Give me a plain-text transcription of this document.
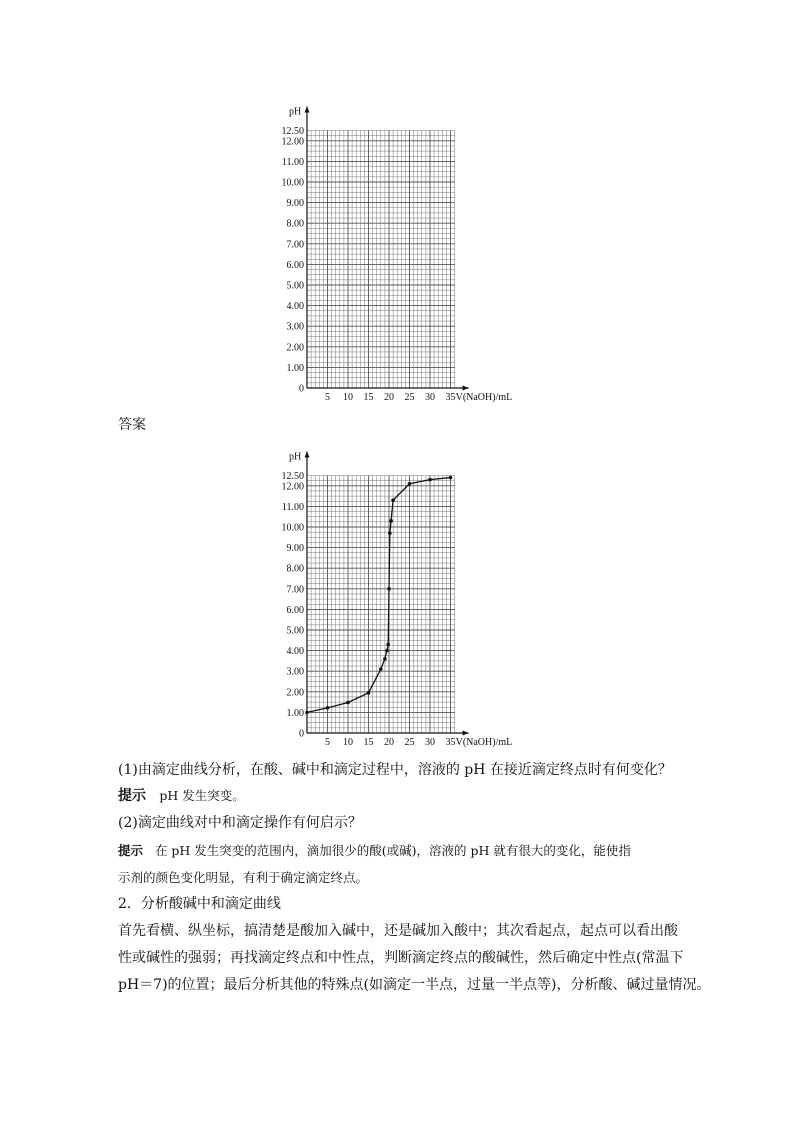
0
1.00
2.00
3.00
4.00
5.00
6.00
7.00
8.00
9.00
10.00
11.00
12.00
12.50
5 10 15 20 25 30 35
pH
V(NaOH)/mL
0
1.00
2.00
3.00
4.00
5.00
6.00
7.00
8.00
9.00
10.00
11.00
12.00
12.50
5 10 15 20 25 30 35
pH
V(NaOH)/mL
答案
(1)由滴定曲线分析，在酸、碱中和滴定过程中，溶液的 pH 在接近滴定终点时有何变化？
提示 pH 发生突变。
(2)滴定曲线对中和滴定操作有何启示？
提示 在 pH 发生突变的范围内，滴加很少的酸(或碱)，溶液的 pH 就有很大的变化，能使指
示剂的颜色变化明显，有利于确定滴定终点。
2．分析酸碱中和滴定曲线
首先看横、纵坐标，搞清楚是酸加入碱中，还是碱加入酸中；其次看起点，起点可以看出酸
性或碱性的强弱；再找滴定终点和中性点，判断滴定终点的酸碱性，然后确定中性点(常温下
pH＝7)的位置；最后分析其他的特殊点(如滴定一半点，过量一半点等)，分析酸、碱过量情况。
